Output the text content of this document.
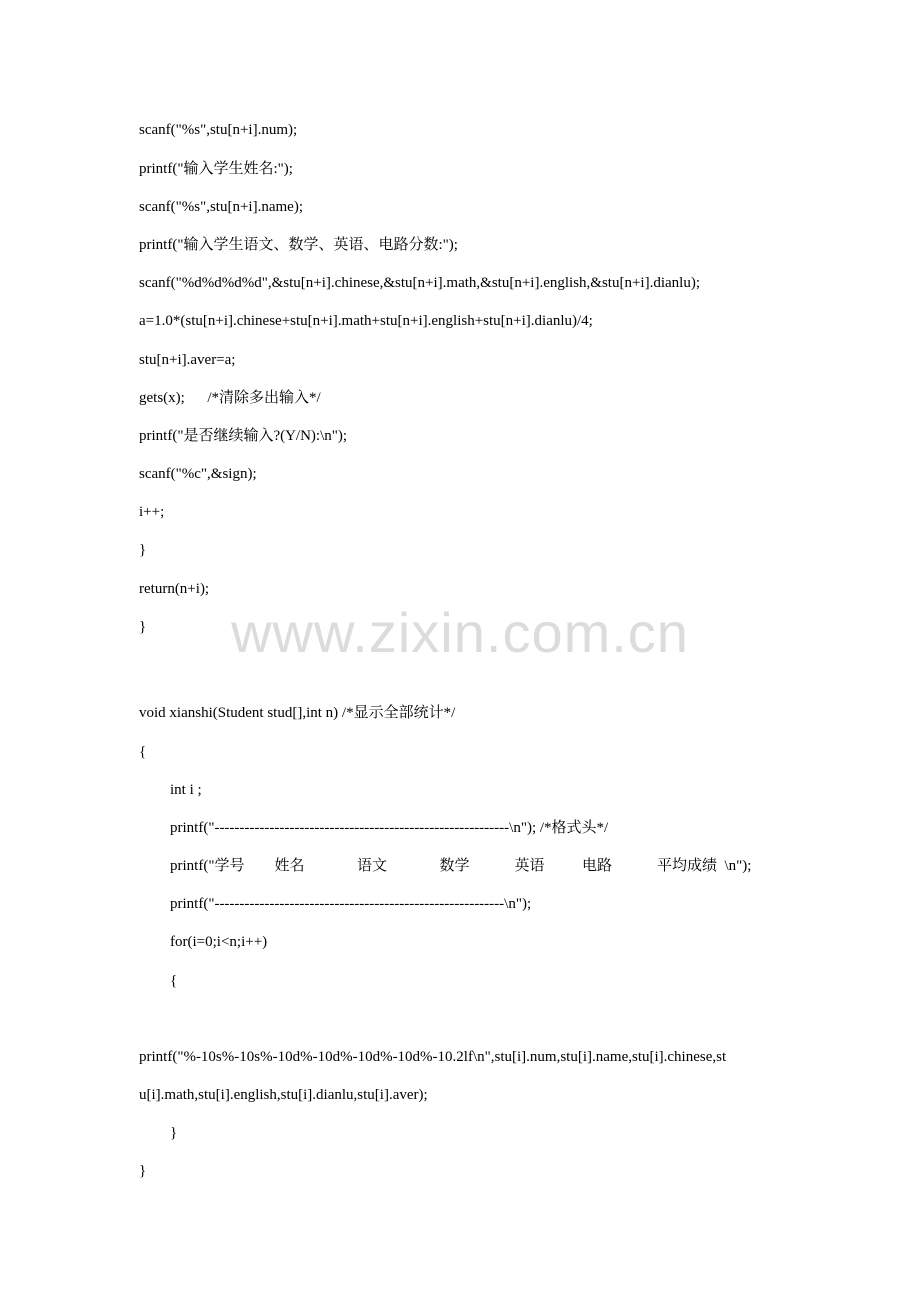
scanf("%s",stu[n+i].num);
printf("输入学生姓名:");
scanf("%s",stu[n+i].name);
printf("输入学生语文、数学、英语、电路分数:");
scanf("%d%d%d%d",&stu[n+i].chinese,&stu[n+i].math,&stu[n+i].english,&stu[n+i].dianlu);
a=1.0*(stu[n+i].chinese+stu[n+i].math+stu[n+i].english+stu[n+i].dianlu)/4;
stu[n+i].aver=a;
gets(x);      /*清除多出输入*/
printf("是否继续输入?(Y/N):\n");
scanf("%c",&sign);
i++;
}
return(n+i);
}
void xianshi(Student stud[],int n) /*显示全部统计*/
{
int i ;
printf("-----------------------------------------------------------\n"); /*格式头*/
printf("学号        姓名              语文              数学            英语          电路            平均成绩  \n");
printf("----------------------------------------------------------\n");
for(i=0;i<n;i++)
{
printf("%-10s%-10s%-10d%-10d%-10d%-10d%-10.2lf\n",stu[i].num,stu[i].name,stu[i].chinese,st
u[i].math,stu[i].english,stu[i].dianlu,stu[i].aver);
}
}
www.zixin.com.cn
